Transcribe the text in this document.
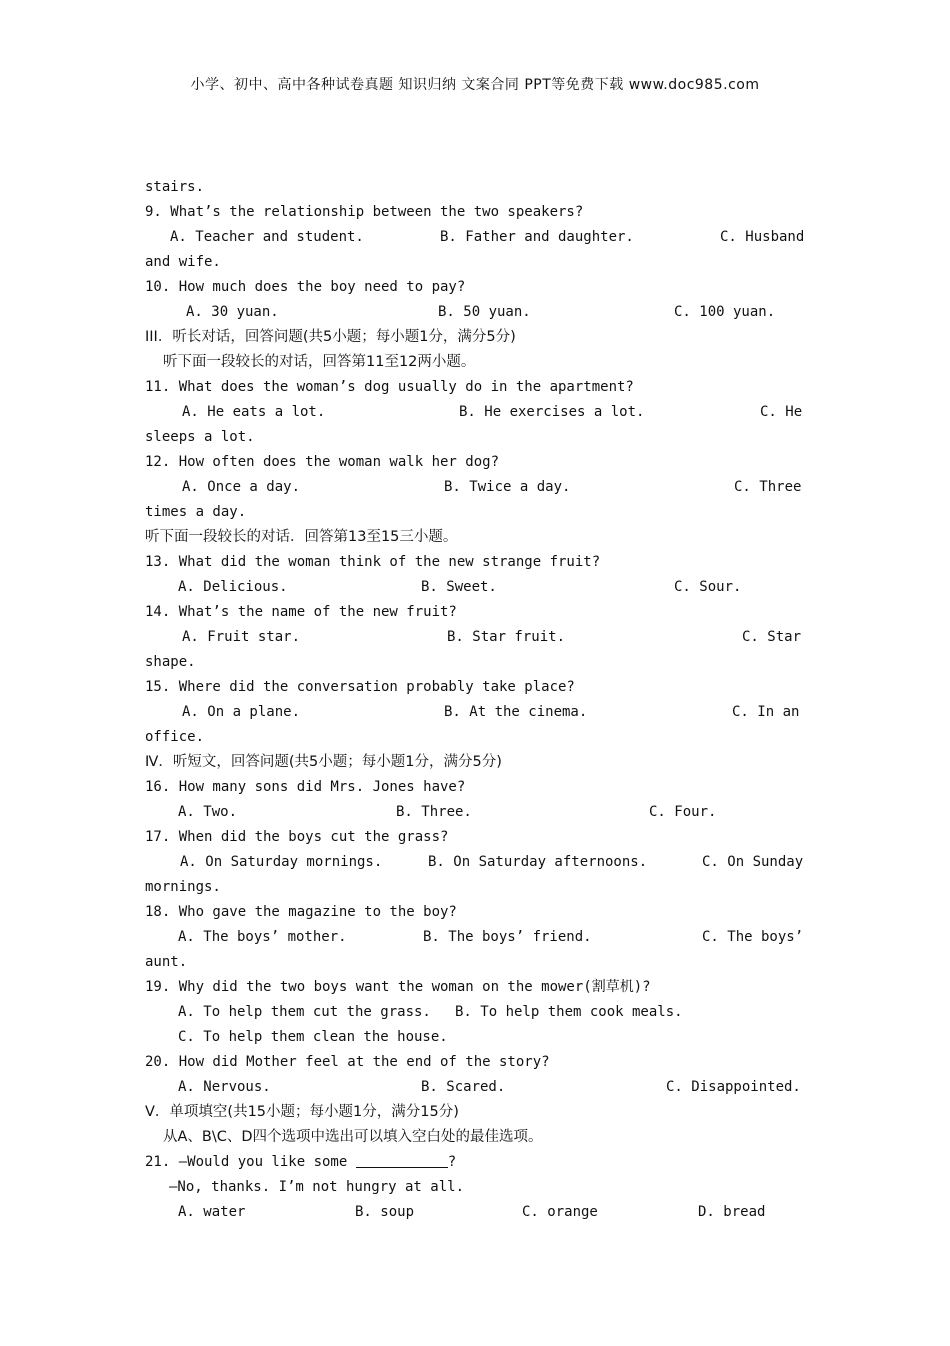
小学、初中、高中各种试卷真题 知识归纳 文案合同 PPT等免费下载 www.doc985.com
stairs.
9. What’s the relationship between the two speakers?
A. Teacher and student.	B. Father and daughter.	C. Husband
and wife.
10. How much does the boy need to pay?
A. 30 yuan.	B. 50 yuan.	C. 100 yuan.
III．听长对话，回答问题(共5小题；每小题1分，满分5分)
听下面一段较长的对话，回答第11至12两小题。
11. What does the woman’s dog usually do in the apartment?
A. He eats a lot.	B. He exercises a lot.	C. He
sleeps a lot.
12. How often does the woman walk her dog?
A. Once a day.	B. Twice a day.	C. Three
times a day.
听下面一段较长的对话．回答第13至15三小题。
13. What did the woman think of the new strange fruit?
A. Delicious.	B. Sweet.	C. Sour.
14. What’s the name of the new fruit?
A. Fruit star.	B. Star fruit.	C. Star
shape.
15. Where did the conversation probably take place?
A. On a plane.	B. At the cinema.	C. In an
office.
Ⅳ．听短文，回答问题(共5小题；每小题1分，满分5分)
16. How many sons did Mrs. Jones have?
A. Two.	B. Three.	C. Four.
17. When did the boys cut the grass?
A. On Saturday mornings.	B. On Saturday afternoons.	C. On Sunday
mornings.
18. Who gave the magazine to the boy?
A. The boys’ mother.	B. The boys’ friend.	C. The boys’
aunt.
19. Why did the two boys want the woman on the mower(割草机)?
A. To help them cut the grass. B. To help them cook meals.
C. To help them clean the house.
20. How did Mother feel at the end of the story?
A. Nervous.	B. Scared.	C. Disappointed.
V．单项填空(共15小题；每小题1分，满分15分)
从A、B\C、D四个选项中选出可以填入空白处的最佳选项。
21. —Would you like some	?
—No, thanks. I’m not hungry at all.
A. water	B. soup	C. orange	D. bread
